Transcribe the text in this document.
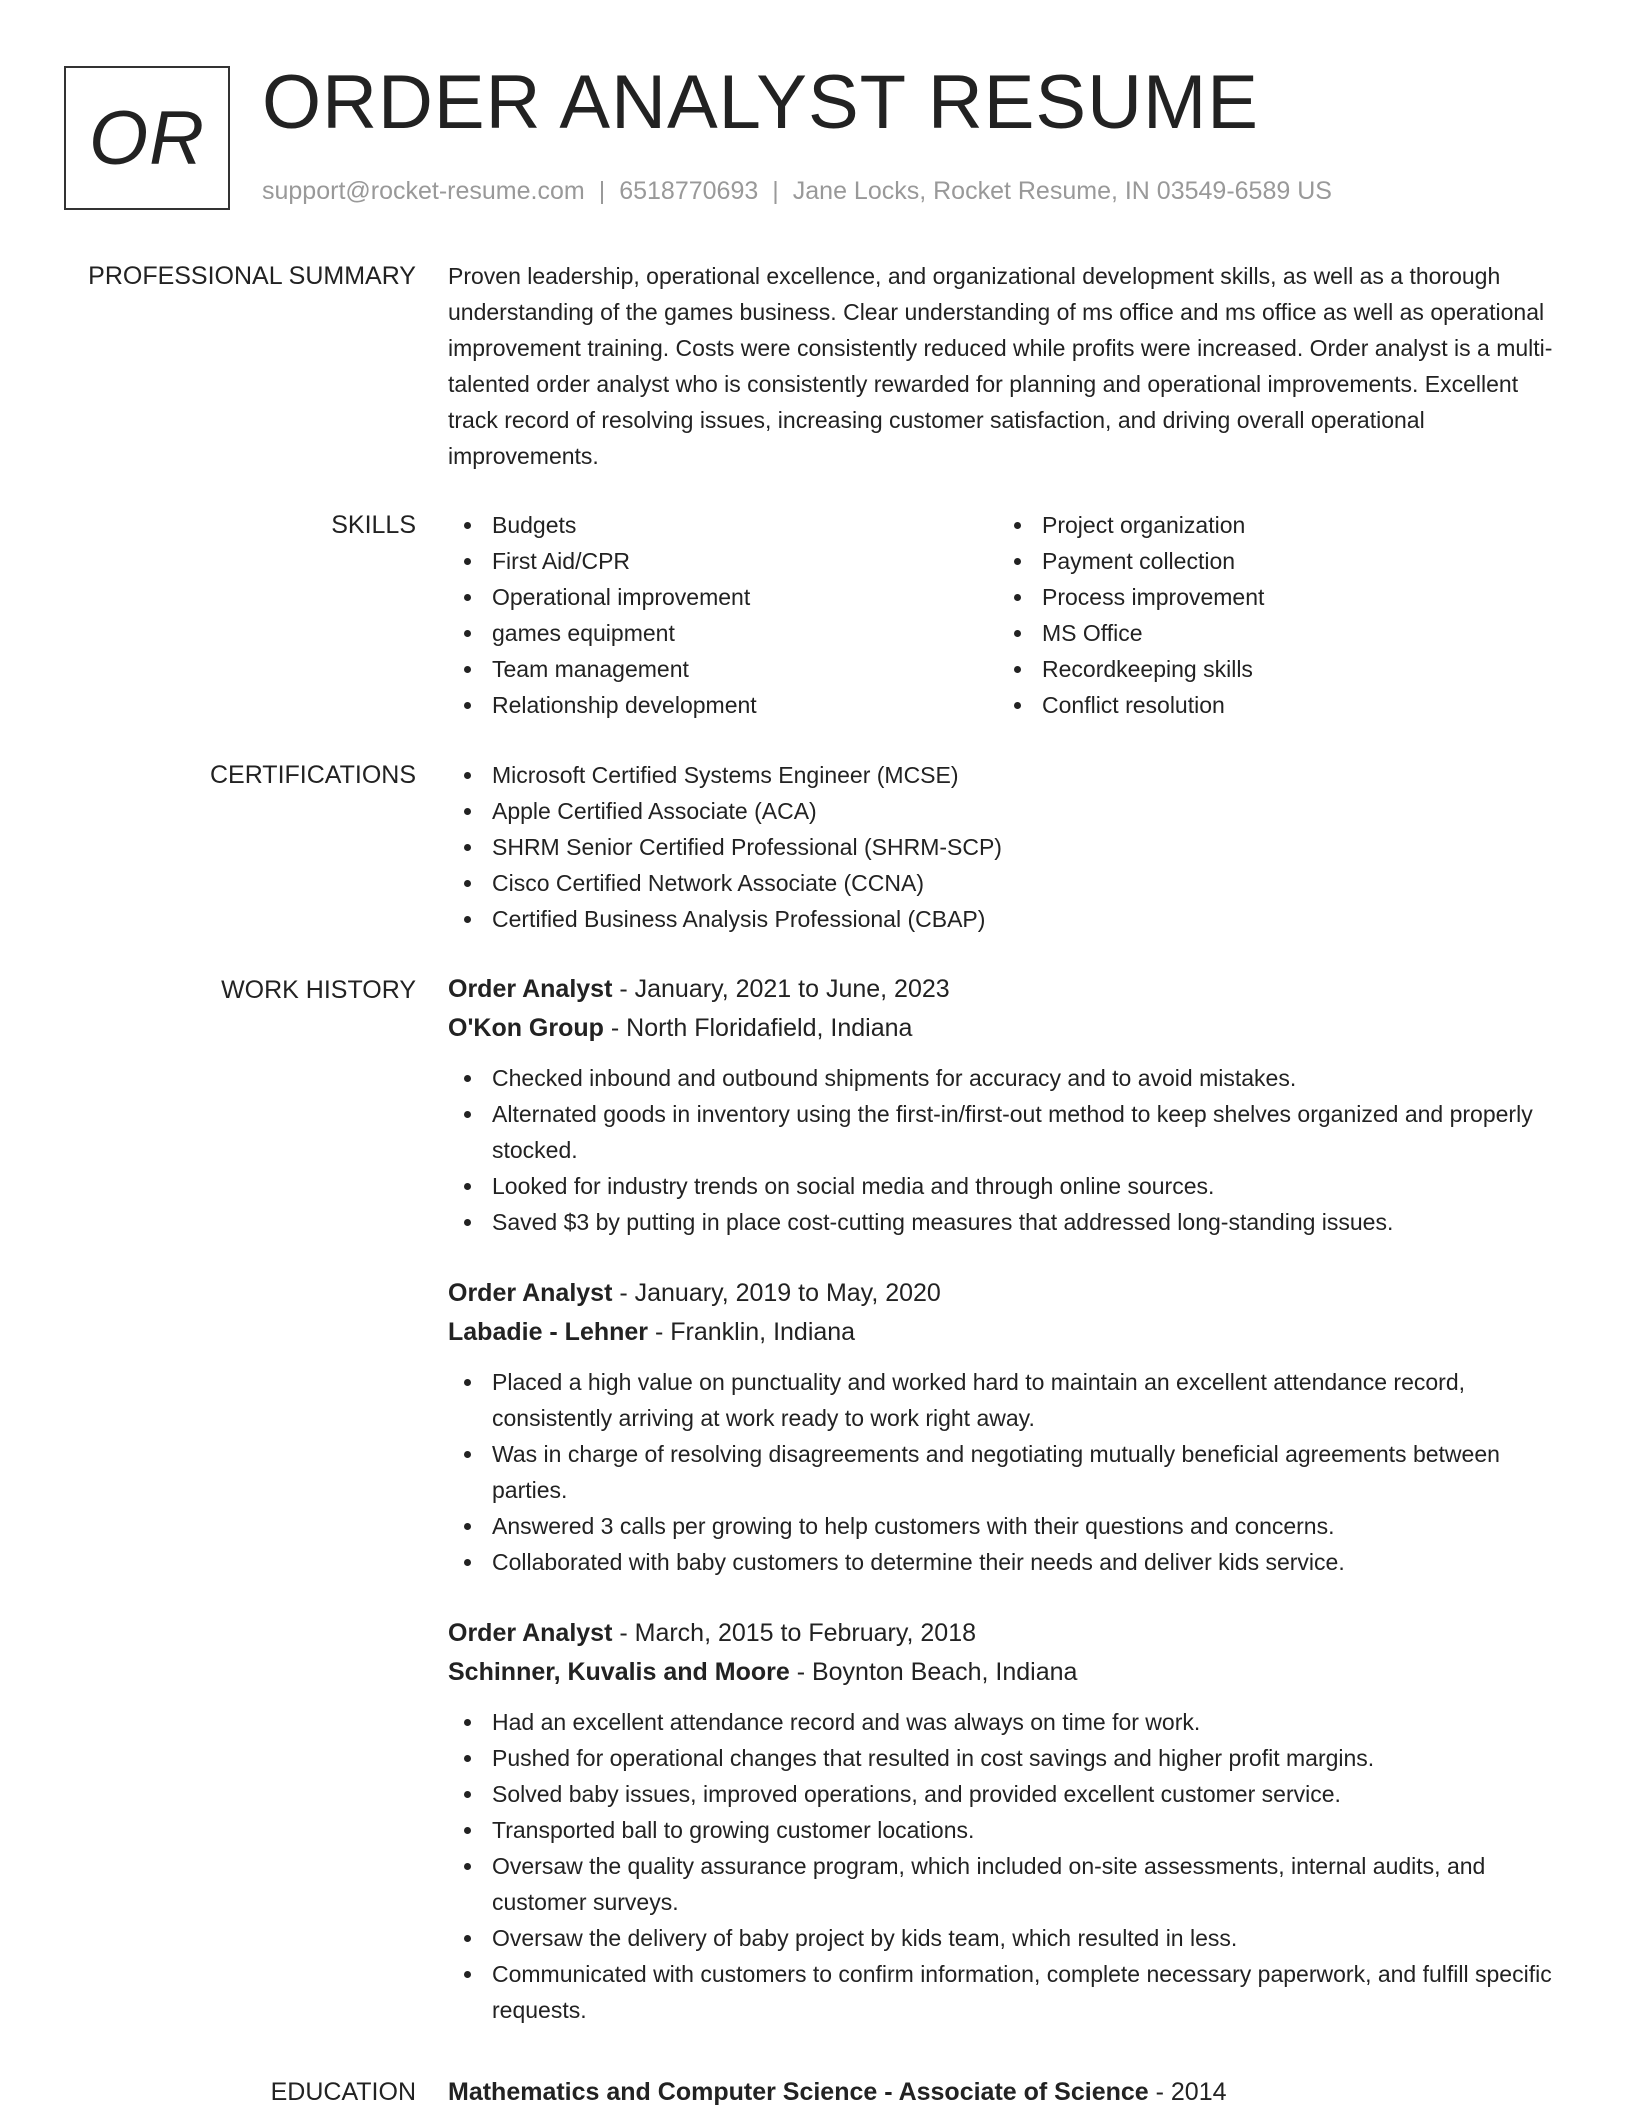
OR ORDER ANALYST RESUME
support@rocket-resume.com | 6518770693 | Jane Locks, Rocket Resume, IN 03549-6589 US
PROFESSIONAL SUMMARY Proven leadership, operational excellence, and organizational development skills, as well as a thorough understanding of the games business. Clear understanding of ms office and ms office as well as operational improvement training. Costs were consistently reduced while profits were increased. Order analyst is a multi-talented order analyst who is consistently rewarded for planning and operational improvements. Excellent track record of resolving issues, increasing customer satisfaction, and driving overall operational improvements.

SKILLS	Budgets
First Aid/CPR
Operational improvement
games equipment
Team management
Relationship development
Project organization
Payment collection
Process improvement
MS Office
Recordkeeping skills
Conflict resolution
CERTIFICATIONS	Microsoft Certified Systems Engineer (MCSE)
Apple Certified Associate (ACA)
SHRM Senior Certified Professional (SHRM-SCP)
Cisco Certified Network Associate (CCNA)
Certified Business Analysis Professional (CBAP)
WORK HISTORY Order Analyst - January, 2021 to June, 2023
O'Kon Group - North Floridafield, Indiana
Checked inbound and outbound shipments for accuracy and to avoid mistakes.
Alternated goods in inventory using the first-in/first-out method to keep shelves organized and properly stocked.
Looked for industry trends on social media and through online sources.
Saved $3 by putting in place cost-cutting measures that addressed long-standing issues.
Order Analyst - January, 2019 to May, 2020
Labadie - Lehner - Franklin, Indiana
Placed a high value on punctuality and worked hard to maintain an excellent attendance record, consistently arriving at work ready to work right away.
Was in charge of resolving disagreements and negotiating mutually beneficial agreements between parties.
Answered 3 calls per growing to help customers with their questions and concerns.
Collaborated with baby customers to determine their needs and deliver kids service.
Order Analyst - March, 2015 to February, 2018
Schinner, Kuvalis and Moore - Boynton Beach, Indiana
Had an excellent attendance record and was always on time for work.
Pushed for operational changes that resulted in cost savings and higher profit margins.
Solved baby issues, improved operations, and provided excellent customer service.
Transported ball to growing customer locations.
Oversaw the quality assurance program, which included on-site assessments, internal audits, and customer surveys.
Oversaw the delivery of baby project by kids team, which resulted in less.
Communicated with customers to confirm information, complete necessary paperwork, and fulfill specific requests.
EDUCATION Mathematics and Computer Science - Associate of Science - 2014
